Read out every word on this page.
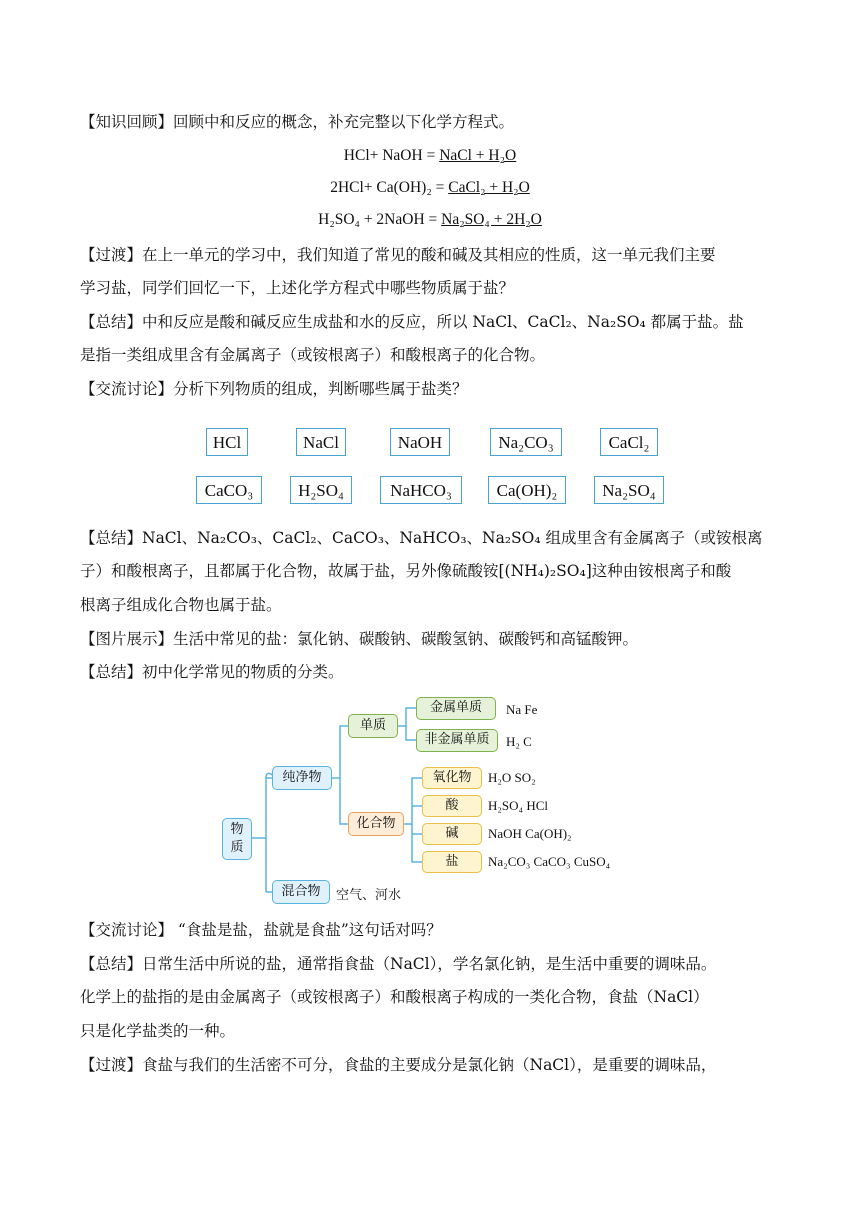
【知识回顾】回顾中和反应的概念，补充完整以下化学方程式。
HCl+ NaOH = NaCl + H₂O
2HCl+ Ca(OH)₂ = CaCl₂ + H₂O
H₂SO₄ + 2NaOH = Na₂SO₄ + 2H₂O
【过渡】在上一单元的学习中，我们知道了常见的酸和碱及其相应的性质，这一单元我们主要
学习盐，同学们回忆一下，上述化学方程式中哪些物质属于盐？
【总结】中和反应是酸和碱反应生成盐和水的反应，所以 NaCl、CaCl₂、Na₂SO₄ 都属于盐。盐
是指一类组成里含有金属离子（或铵根离子）和酸根离子的化合物。
【交流讨论】分析下列物质的组成，判断哪些属于盐类？
HCl	NaCl	NaOH	Na₂CO₃	CaCl₂
CaCO₃	H₂SO₄	NaHCO₃	Ca(OH)₂	Na₂SO₄
【总结】NaCl、Na₂CO₃、CaCl₂、CaCO₃、NaHCO₃、Na₂SO₄ 组成里含有金属离子（或铵根离
子）和酸根离子，且都属于化合物，故属于盐，另外像硫酸铵[(NH₄)₂SO₄]这种由铵根离子和酸
根离子组成化合物也属于盐。
【图片展示】生活中常见的盐：氯化钠、碳酸钠、碳酸氢钠、碳酸钙和高锰酸钾。
【总结】初中化学常见的物质的分类。
物
质
纯净物
混合物	空气、河水
单质
化合物
金属单质	Na Fe
非金属单质	H₂ C
氧化物	H₂O SO₂
酸	H₂SO₄ HCl
碱	NaOH Ca(OH)₂
盐	Na₂CO₃ CaCO₃ CuSO₄
【交流讨论】 “食盐是盐，盐就是食盐”这句话对吗？
【总结】日常生活中所说的盐，通常指食盐（NaCl），学名氯化钠，是生活中重要的调味品。
化学上的盐指的是由金属离子（或铵根离子）和酸根离子构成的一类化合物，食盐（NaCl）
只是化学盐类的一种。
【过渡】食盐与我们的生活密不可分，食盐的主要成分是氯化钠（NaCl），是重要的调味品，
